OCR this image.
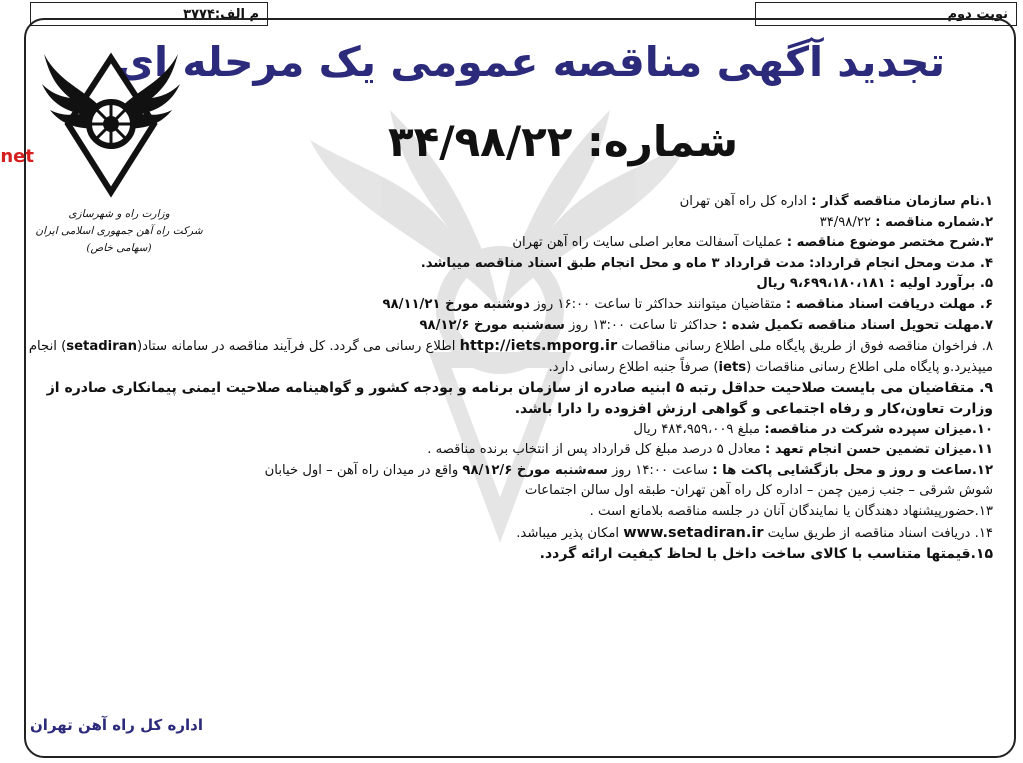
نوبت دوم
م الف:۳۷۷۴
تجدید آگهی مناقصه عمومی یک مرحله ای
شماره: ۳۴/۹۸/۲۲
net
وزارت راه و شهرسازی
شرکت راه آهن جمهوری اسلامی ایران
(سهامی خاص)
۱.نام سازمان مناقصه گذار : اداره کل راه آهن تهران
۲.شماره مناقصه : ۳۴/۹۸/۲۲
۳.شرح مختصر موضوع مناقصه : عملیات آسفالت معابر اصلی سایت راه آهن تهران
۴. مدت ومحل انجام قرارداد: مدت قرارداد ۳ ماه و محل انجام طبق اسناد مناقصه میباشد.
۵. برآورد اولیه : ۹،۶۹۹،۱۸۰،۱۸۱ ریال
۶. مهلت دریافت اسناد مناقصه : متقاضیان میتوانند حداکثر تا ساعت ۱۶:۰۰ روز دوشنبه مورخ ۹۸/۱۱/۲۱
۷.مهلت تحویل اسناد مناقصه تکمیل شده : حداکثر تا ساعت ۱۳:۰۰ روز سه‌شنبه مورخ ۹۸/۱۲/۶
۸. فراخوان مناقصه فوق از طریق پایگاه ملی اطلاع رسانی مناقصات http://iets.mporg.ir اطلاع رسانی می گردد. کل فرآیند مناقصه در سامانه ستاد(setadiran) انجام میپذیرد.و پایگاه ملی اطلاع رسانی مناقصات (iets) صرفاً جنبه اطلاع رسانی دارد.
۹. متقاضیان می بایست صلاحیت حداقل رتبه ۵ ابنیه صادره از سازمان برنامه و بودجه کشور و گواهینامه صلاحیت ایمنی پیمانکاری صادره از وزارت تعاون،کار و رفاه اجتماعی و گواهی ارزش افزوده را دارا باشد.
۱۰.میزان سپرده شرکت در مناقصه: مبلغ ۴۸۴،۹۵۹،۰۰۹ ریال
۱۱.میزان تضمین حسن انجام تعهد : معادل ۵ درصد مبلغ کل قرارداد پس از انتخاب برنده مناقصه .
۱۲.ساعت و روز و محل بازگشایی پاکت ها : ساعت ۱۴:۰۰ روز سه‌شنبه مورخ ۹۸/۱۲/۶ واقع در میدان راه آهن – اول خیابان
شوش شرقی – جنب زمین چمن – اداره کل راه آهن تهران- طبقه اول سالن اجتماعات
۱۳.حضورپیشنهاد دهندگان یا نمایندگان آنان در جلسه مناقصه بلامانع است .
۱۴. دریافت اسناد مناقصه از طریق سایت www.setadiran.ir امکان پذیر میباشد.
۱۵.قیمتها متناسب با کالای ساخت داخل با لحاظ کیفیت ارائه گردد.
اداره کل راه آهن تهران
